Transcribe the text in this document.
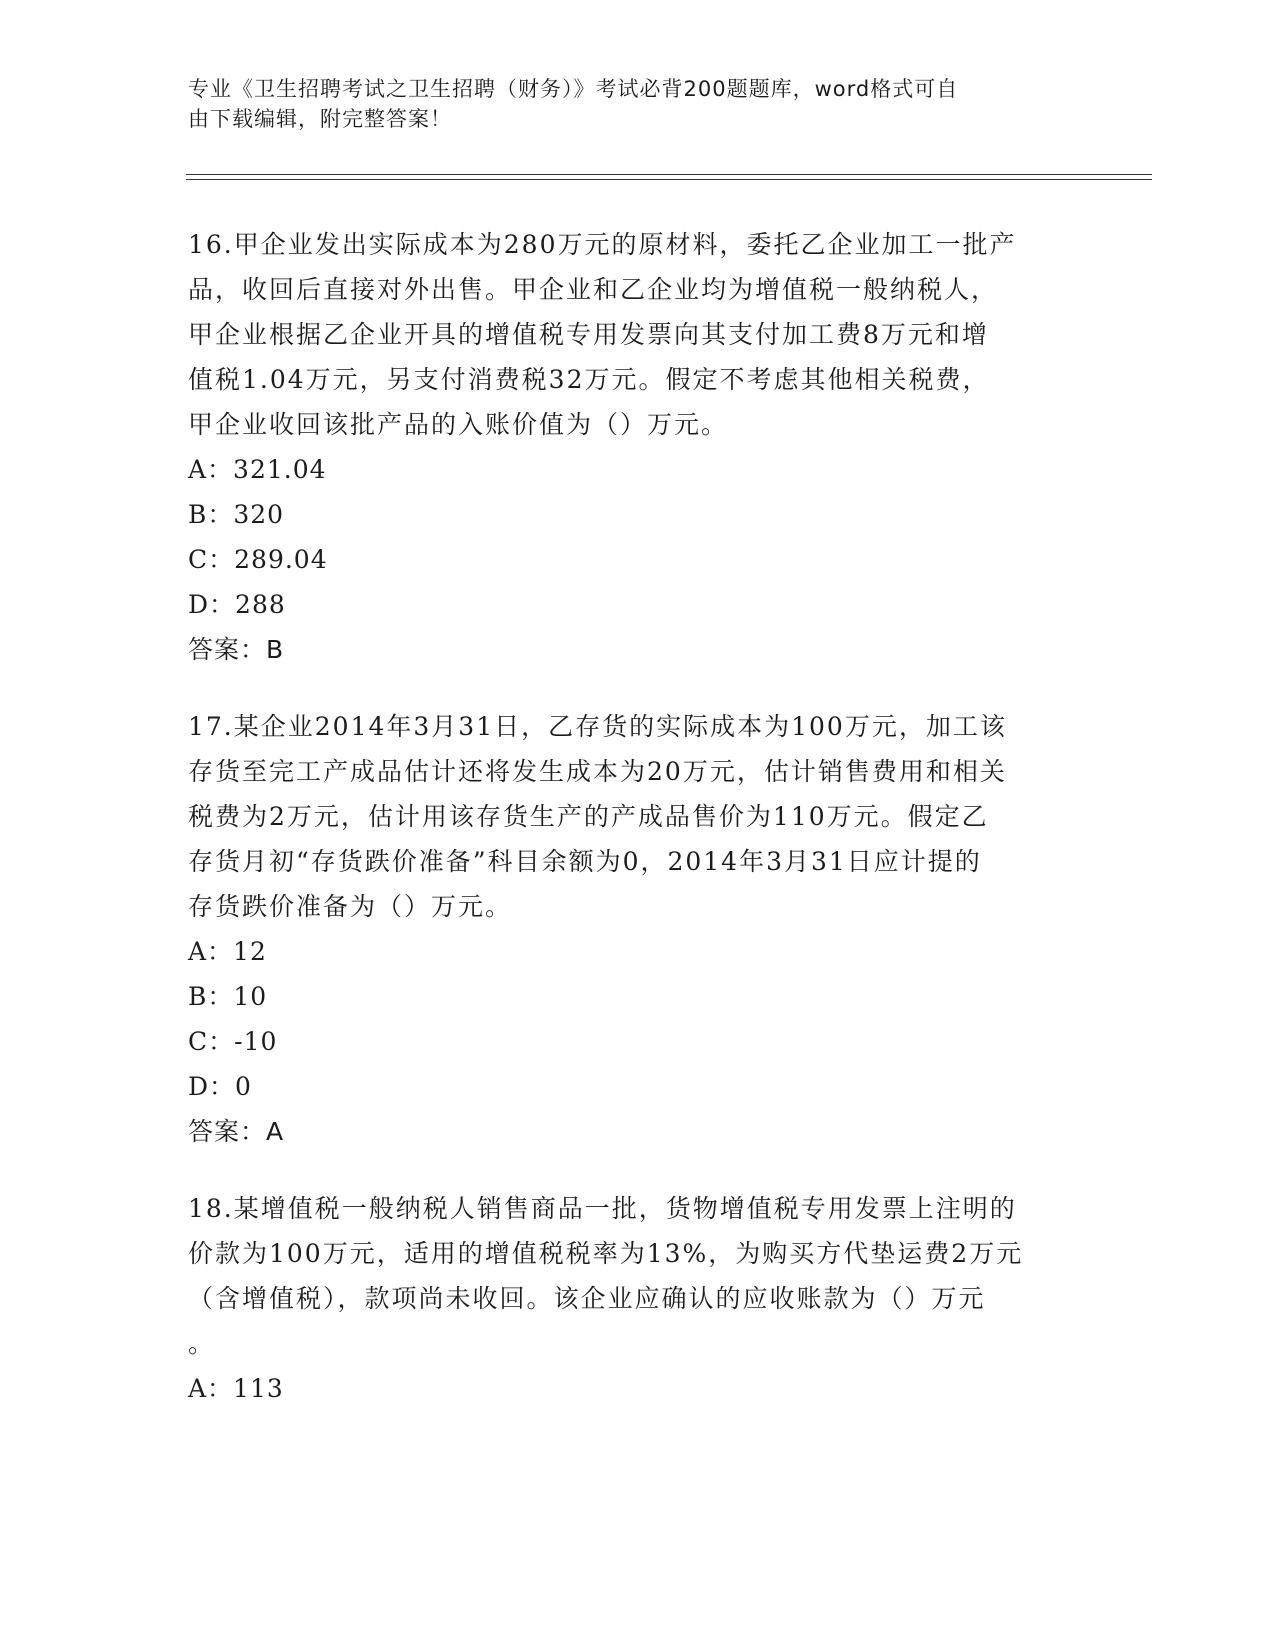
专业《卫生招聘考试之卫生招聘（财务）》考试必背200题题库，word格式可自
由下载编辑，附完整答案！
16.甲企业发出实际成本为280万元的原材料，委托乙企业加工一批产
品，收回后直接对外出售。甲企业和乙企业均为增值税一般纳税人，
甲企业根据乙企业开具的增值税专用发票向其支付加工费8万元和增
值税1.04万元，另支付消费税32万元。假定不考虑其他相关税费，
甲企业收回该批产品的入账价值为（）万元。
A：321.04
B：320
C：289.04
D：288
答案：B
17.某企业2014年3月31日，乙存货的实际成本为100万元，加工该
存货至完工产成品估计还将发生成本为20万元，估计销售费用和相关
税费为2万元，估计用该存货生产的产成品售价为110万元。假定乙
存货月初“存货跌价准备”科目余额为0，2014年3月31日应计提的
存货跌价准备为（）万元。
A：12
B：10
C：-10
D：0
答案：A
18.某增值税一般纳税人销售商品一批，货物增值税专用发票上注明的
价款为100万元，适用的增值税税率为13%，为购买方代垫运费2万元
（含增值税），款项尚未收回。该企业应确认的应收账款为（）万元
。
A：113
